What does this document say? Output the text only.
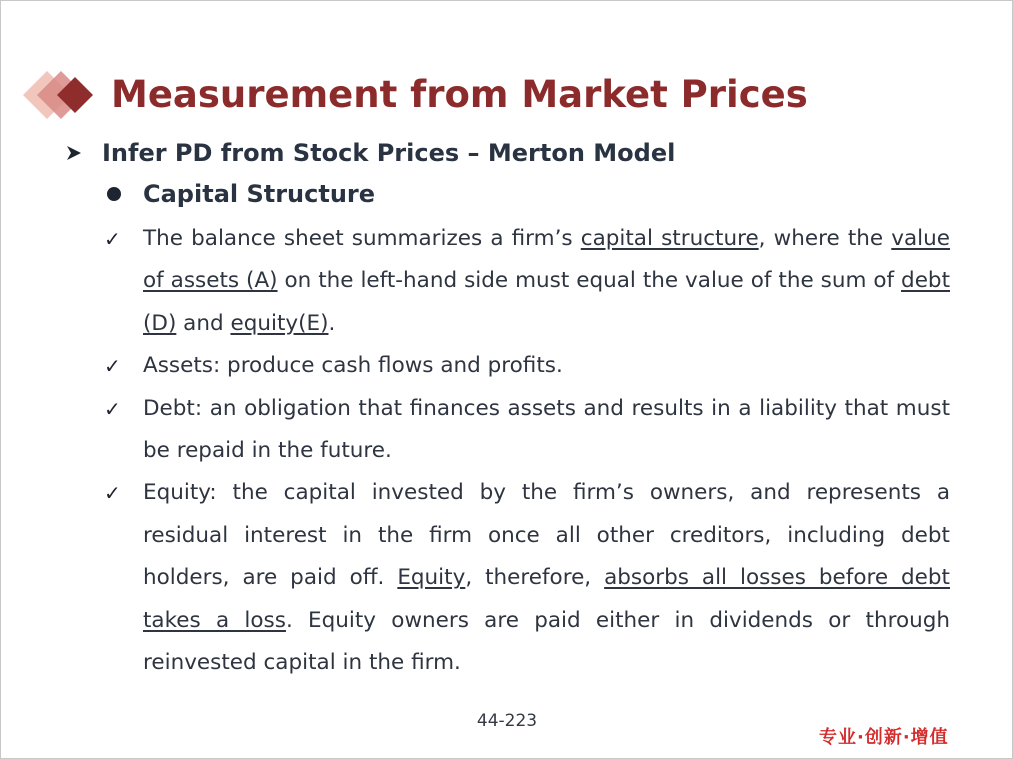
Measurement from Market Prices
Infer PD from Stock Prices – Merton Model
Capital Structure
✓ The balance sheet summarizes a firm’s capital structure, where the value of assets (A) on the left-hand side must equal the value of the sum of debt (D) and equity(E).
✓ Assets: produce cash flows and profits.
✓ Debt: an obligation that finances assets and results in a liability that must be repaid in the future.
✓ Equity: the capital invested by the firm’s owners, and represents a residual interest in the firm once all other creditors, including debt holders, are paid off. Equity, therefore, absorbs all losses before debt takes a loss. Equity owners are paid either in dividends or through reinvested capital in the firm.
44-223
专业·创新·增值
